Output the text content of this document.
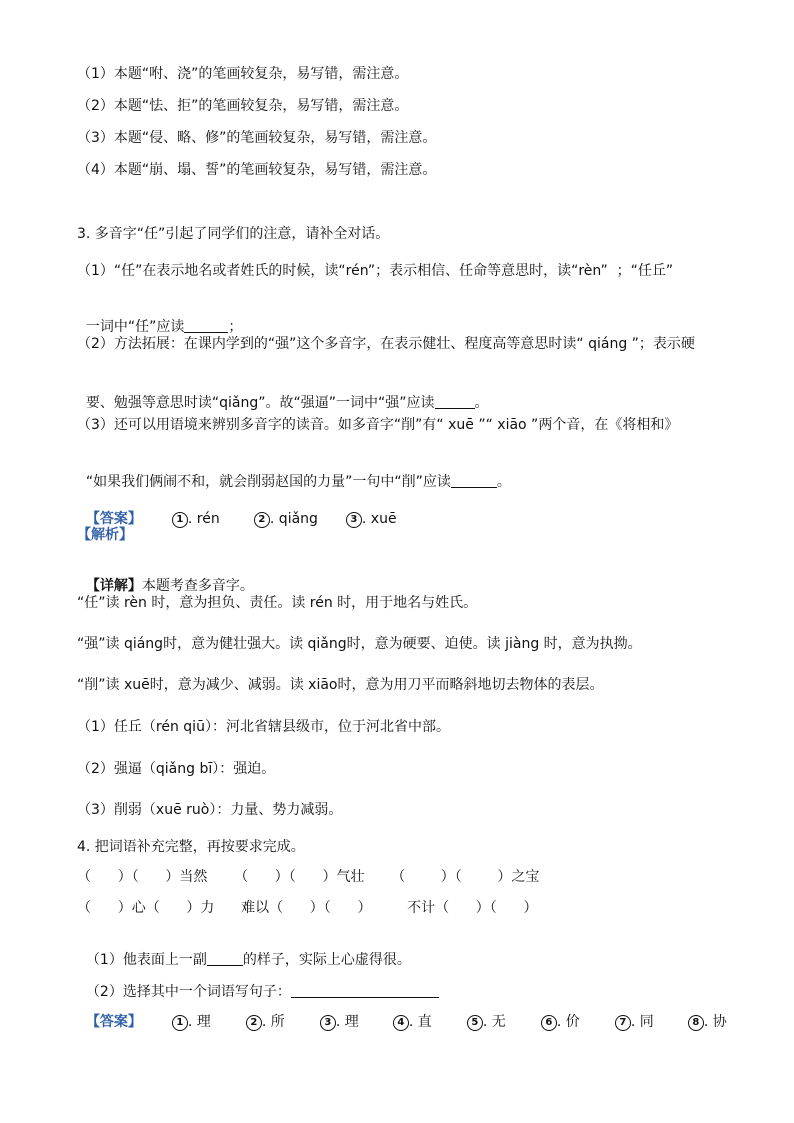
（1）本题“咐、浇”的笔画较复杂，易写错，需注意。
（2）本题“怯、拒”的笔画较复杂，易写错，需注意。
（3）本题“侵、略、修”的笔画较复杂，易写错，需注意。
（4）本题“崩、塌、誓”的笔画较复杂，易写错，需注意。
3. 多音字“任”引起了同学们的注意，请补全对话。
（1）“任”在表示地名或者姓氏的时候，读“rén”；表示相信、任命等意思时，读“rèn”  ；“任丘”

一词中“任”应读	；

（2）方法拓展：在课内学到的“强”这个多音字，在表示健壮、程度高等意思时读“ qiáng ”；表示硬

要、勉强等意思时读“qiǎng”。故“强逼”一词中“强”应读	。

（3）还可以用语境来辨别多音字的读音。如多音字“削”有“ xuē ”“ xiāo ”两个音，在《将相和》

“如果我们俩闹不和，就会削弱赵国的力量”一句中“削”应读	。

【答案】	1 . rén	2 . qiǎng	3 . xuē

【解析】

【详解】本题考查多音字。

“任”读 rèn 时，意为担负、责任。读 rén 时，用于地名与姓氏。
“强”读 qiáng时，意为健壮强大。读 qiǎng时，意为硬要、迫使。读 jiàng 时，意为执拗。
“削”读 xuē时，意为减少、减弱。读 xiāo时，意为用刀平而略斜地切去物体的表层。
（1）任丘（rén qiū）：河北省辖县级市，位于河北省中部。
（2）强逼（qiǎng bī）：强迫。
（3）削弱（xuē ruò）：力量、势力减弱。
4. 把词语补充完整，再按要求完成。
（      ）（      ）当然      （      ）（      ）气壮      （        ）（        ）之宝
（      ）心（      ）力      难以（      ）（      ）        不计（      ）（      ）

（1）他表面上一副	的样子，实际上心虚得很。

（2）选择其中一个词语写句子：

【答案】	1 . 理	2 . 所	3 . 理	4 . 直	5 . 无	6 . 价	7 . 同	8 . 协
